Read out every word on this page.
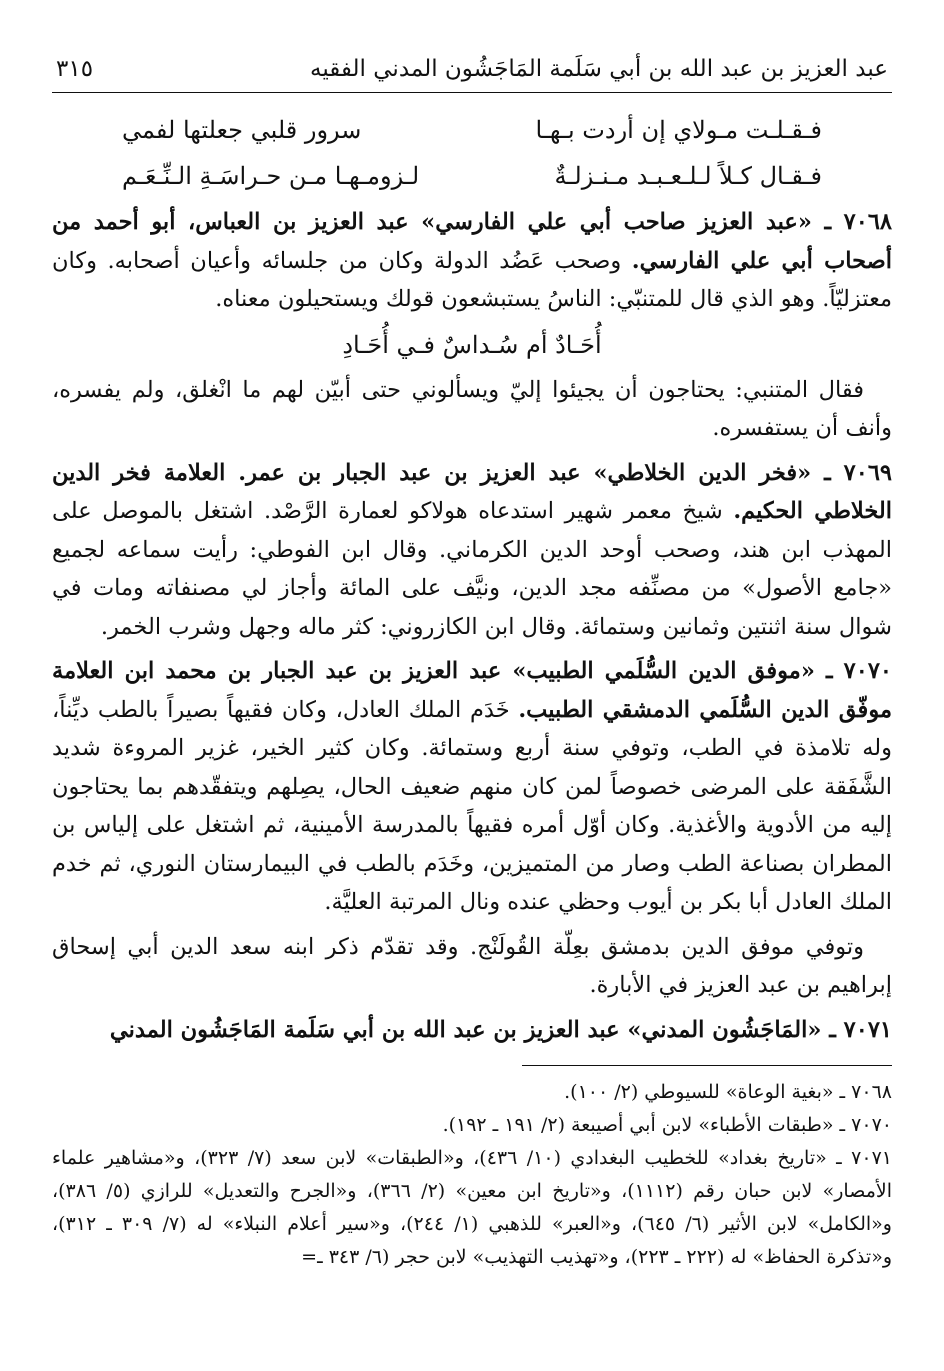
عبد العزيز بن عبد الله بن أبي سَلَمة المَاجَشُون المدني الفقيه
٣١٥
فـقـلـت مـولاي إن أردت بـهـا
سرور قلبي جعلتها لفمي
فـقـال كـلاً لـلـعـبـد مـنـزلـةٌ
لـزومـهـا مـن حـراسَـةِ الـنِّـعَـم

٧٠٦٨ ـ «عبد العزيز صاحب أبي علي الفارسي» عبد العزيز بن العباس، أبو أحمد من أصحاب أبي علي الفارسي. وصحب عَضُد الدولة وكان من جلسائه وأعيان أصحابه. وكان معتزليّاً. وهو الذي قال للمتنبّي: الناسُ يستبشعون قولك ويستحيلون معناه.

أُحَـادٌ أم سُـداسٌ فـي أُحَـادِ

فقال المتنبي: يحتاجون أن يجيئوا إليّ ويسألوني حتى أبيّن لهم ما انْغلق، ولم يفسره، وأنف أن يستفسره.

٧٠٦٩ ـ «فخر الدين الخلاطي» عبد العزيز بن عبد الجبار بن عمر. العلامة فخر الدين الخلاطي الحكيم. شيخ معمر شهير استدعاه هولاكو لعمارة الرَّصْد. اشتغل بالموصل على المهذب ابن هند، وصحب أوحد الدين الكرماني. وقال ابن الفوطي: رأيت سماعه لجميع «جامع الأصول» من مصنِّفه مجد الدين، ونيَّف على المائة وأجاز لي مصنفاته ومات في شوال سنة اثنتين وثمانين وستمائة. وقال ابن الكازروني: كثر ماله وجهل وشرب الخمر.

٧٠٧٠ ـ «موفق الدين السُّلَمي الطبيب» عبد العزيز بن عبد الجبار بن محمد ابن العلامة موفّق الدين السُّلَمي الدمشقي الطبيب. خَدَم الملك العادل، وكان فقيهاً بصيراً بالطب ديِّناً، وله تلامذة في الطب، وتوفي سنة أربع وستمائة. وكان كثير الخير، غزير المروءة شديد الشَّفَقة على المرضى خصوصاً لمن كان منهم ضعيف الحال، يصِلهم ويتفقّدهم بما يحتاجون إليه من الأدوية والأغذية. وكان أوّل أمره فقيهاً بالمدرسة الأمينية، ثم اشتغل على إلياس بن المطران بصناعة الطب وصار من المتميزين، وخَدَم بالطب في البيمارستان النوري، ثم خدم الملك العادل أبا بكر بن أيوب وحظي عنده ونال المرتبة العليَّة.

وتوفي موفق الدين بدمشق بعِلّة القُولَنْج. وقد تقدّم ذكر ابنه سعد الدين أبي إسحاق إبراهيم بن عبد العزيز في الأبارة.

٧٠٧١ ـ «المَاجَشُون المدني» عبد العزيز بن عبد الله بن أبي سَلَمة المَاجَشُون المدني

٧٠٦٨ ـ «بغية الوعاة» للسيوطي (٢/ ١٠٠).

٧٠٧٠ ـ «طبقات الأطباء» لابن أبي أصيبعة (٢/ ١٩١ ـ ١٩٢).

٧٠٧١ ـ «تاريخ بغداد» للخطيب البغدادي (١٠/ ٤٣٦)، و«الطبقات» لابن سعد (٧/ ٣٢٣)، و«مشاهير علماء الأمصار» لابن حبان رقم (١١١٢)، و«تاريخ ابن معين» (٢/ ٣٦٦)، و«الجرح والتعديل» للرازي (٥/ ٣٨٦)، و«الكامل» لابن الأثير (٦/ ٦٤٥)، و«العبر» للذهبي (١/ ٢٤٤)، و«سير أعلام النبلاء» له (٧/ ٣٠٩ ـ ٣١٢)، و«تذكرة الحفاظ» له (٢٢٢ ـ ٢٢٣)، و«تهذيب التهذيب» لابن حجر (٦/ ٣٤٣ ـ=
